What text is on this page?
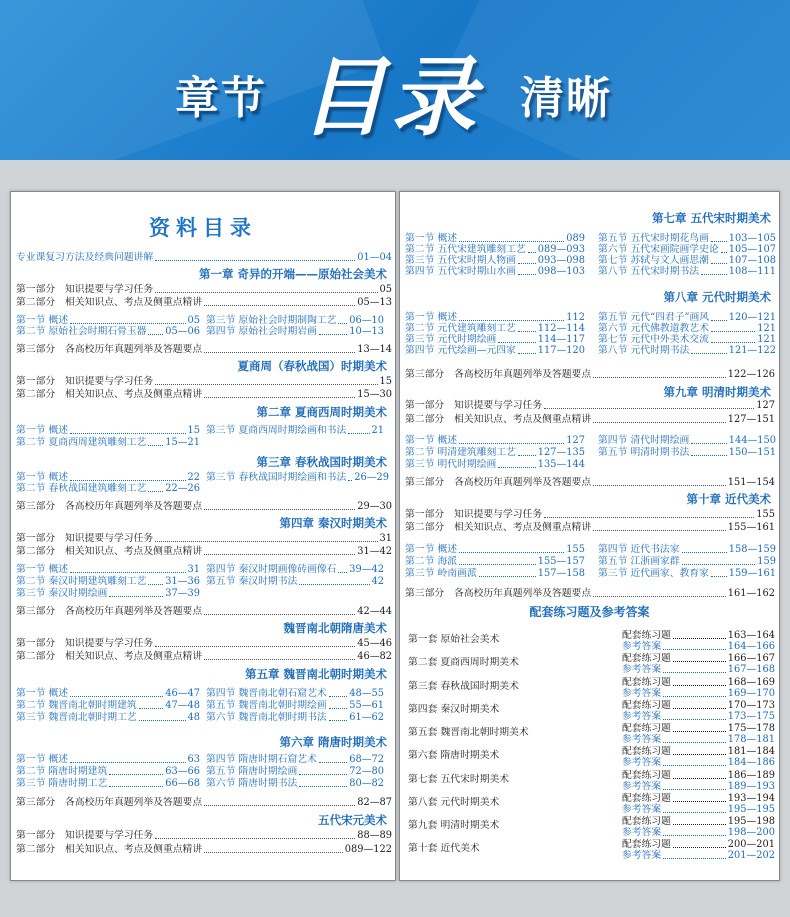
章节 目录 清晰
资料目录
专业课复习方法及经典问题讲解	01—04
第一章 奇异的开端——原始社会美术
第一部分　知识提要与学习任务	05
第二部分　相关知识点、考点及侧重点精讲	05—13
第一节 概述	05 第三节 原始社会时期制陶工艺 06—10
第二节 原始社会时期石骨玉器 05—06 第四节 原始社会时期岩画	10—13
第三部分　各高校历年真题列举及答题要点	13—14
夏商周（春秋战国）时期美术
第一部分　知识提要与学习任务	15
第二部分　相关知识点、考点及侧重点精讲	15—30
第二章 夏商西周时期美术
第一节 概述	15 第三节 夏商西周时期绘画和书法	21
第二节 夏商西周建筑雕刻工艺 15—21
第三章 春秋战国时期美术
第一节 概述	22 第三节 春秋战国时期绘画和书法 26—29
第二节 春秋战国建筑雕刻工艺 22—26
第三部分　各高校历年真题列举及答题要点	29—30
第四章 秦汉时期美术
第一部分　知识提要与学习任务	31
第二部分　相关知识点、考点及侧重点精讲	31—42
第一节 概述	31 第四节 秦汉时期画像砖画像石 39—42
第二节 秦汉时期建筑雕刻工艺 31—36 第五节 秦汉时期书法	42
第三节 秦汉时期绘画	37—39
第三部分　各高校历年真题列举及答题要点	42—44
魏晋南北朝隋唐美术
第一部分　知识提要与学习任务	45—46
第二部分　相关知识点、考点及侧重点精讲	46—82
第五章 魏晋南北朝时期美术
第一节 概述	46—47 第四节 魏晋南北朝石窟艺术 48—55
第二节 魏晋南北朝时期建筑	47—48 第五节 魏晋南北朝时期绘画 55—61
第三节 魏晋南北朝时期工艺	48 第六节 魏晋南北朝时期书法 61—62
第六章 隋唐时期美术
第一节 概述	63 第四节 隋唐时期石窟艺术	68—72
第二节 隋唐时期建筑	63—66 第五节 隋唐时期绘画	72—80
第三节 隋唐时期工艺	66—68 第六节 隋唐时期书法	80—82
第三部分　各高校历年真题列举及答题要点	82—87
五代宋元美术
第一部分　知识提要与学习任务	88—89
第二部分　相关知识点、考点及侧重点精讲	089—122
配套练习题及参考答案
第七章 五代宋时期美术
第一节 概述	089 第五节 五代宋时期花鸟画 103—105
第二节 五代宋建筑雕刻工艺 089—093 第六节 五代宋画院画学史论 105—107
第三节 五代宋时期人物画 093—098 第七节 苏轼与文人画思潮 107—108
第四节 五代宋时期山水画 098—103 第八节 五代宋时期书法	108—111
第八章 元代时期美术
第一节 概述	112 第五节 元代“四君子”画风 120—121
第二节 元代建筑雕刻工艺 112—114 第六节 元代佛教道教艺术	121
第三节 元代时期绘画	114—117 第七节 元代中外美术交流	121
第四节 元代绘画—元四家 117—120 第八节 元代时期书法	121—122
第三部分　各高校历年真题列举及答题要点	122—126
第九章 明清时期美术
第一部分　知识提要与学习任务	127
第二部分　相关知识点、考点及侧重点精讲	127—151
第一节 概述	127 第四节 清代时期绘画	144—150
第二节 明清建筑雕刻工艺 127—135 第五节 明清时期书法	150—151
第三节 明代时期绘画	135—144
第三部分　各高校历年真题列举及答题要点	151—154
第十章 近代美术
第一部分　知识提要与学习任务	155
第二部分　相关知识点、考点及侧重点精讲	155—161
第一节 概述	155 第四节 近代书法家	158—159
第二节 海派	155—157 第五节 江浙画家群	159
第三节 岭南画派	157—158 第三节 近代画家、教育家 159—161
第三部分　各高校历年真题列举及答题要点	161—162
第一套 原始社会美术	配套练习题	163—164
参考答案	164—166
第二套 夏商西周时期美术	配套练习题	166—167
参考答案	167—168
第三套 春秋战国时期美术	配套练习题	168—169
参考答案	169—170
第四套 秦汉时期美术	配套练习题	170—173
参考答案	173—175
第五套 魏晋南北朝时期美术	配套练习题	175—178
参考答案	178—181
第六套 隋唐时期美术	配套练习题	181—184
参考答案	184—186
第七套 五代宋时期美术	配套练习题	186—189
参考答案	189—193
第八套 元代时期美术	配套练习题	193—194
参考答案	195—195
第九套 明清时期美术	配套练习题	195—198
参考答案	198—200
第十套 近代美术	配套练习题	200—201
参考答案	201—202
